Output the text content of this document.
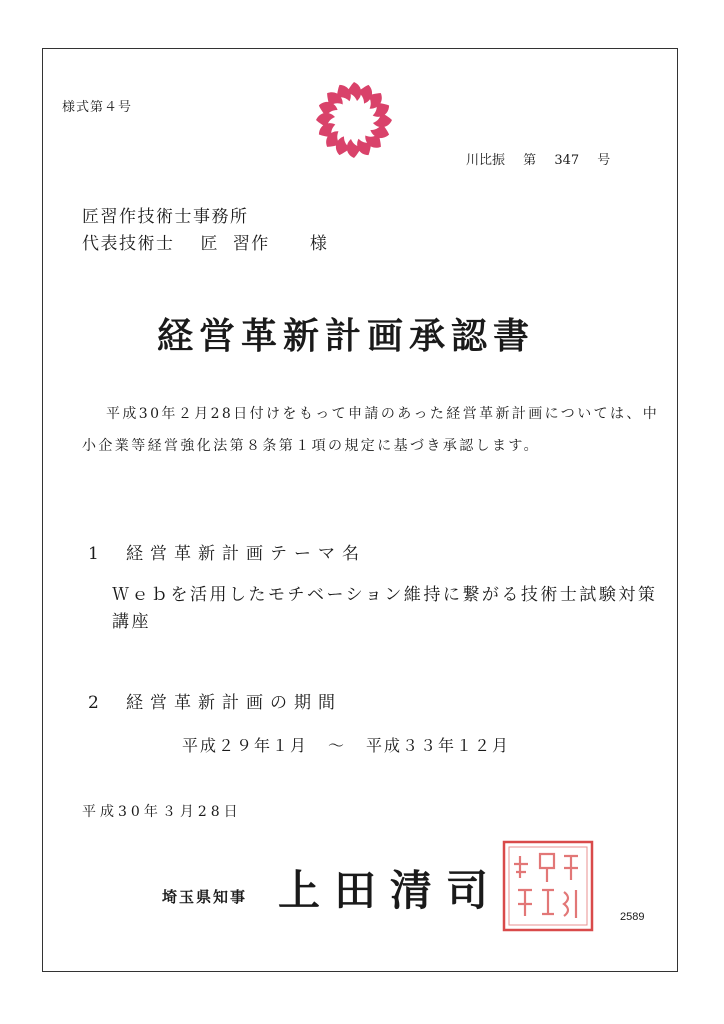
様式第４号
川比振 第 347 号
匠習作技術士事務所
代表技術士 匠 習作 様
経営革新計画承認書
平成30年２月28日付けをもって申請のあった経営革新計画については、中小企業等経営強化法第８条第１項の規定に基づき承認します。
1 経営革新計画テーマ名
Ｗｅｂを活用したモチベーション維持に繋がる技術士試験対策講座
2 経営革新計画の期間
平成２９年１月 ～ 平成３３年１２月
平成30年３月28日
埼玉県知事 上田清司
2589
